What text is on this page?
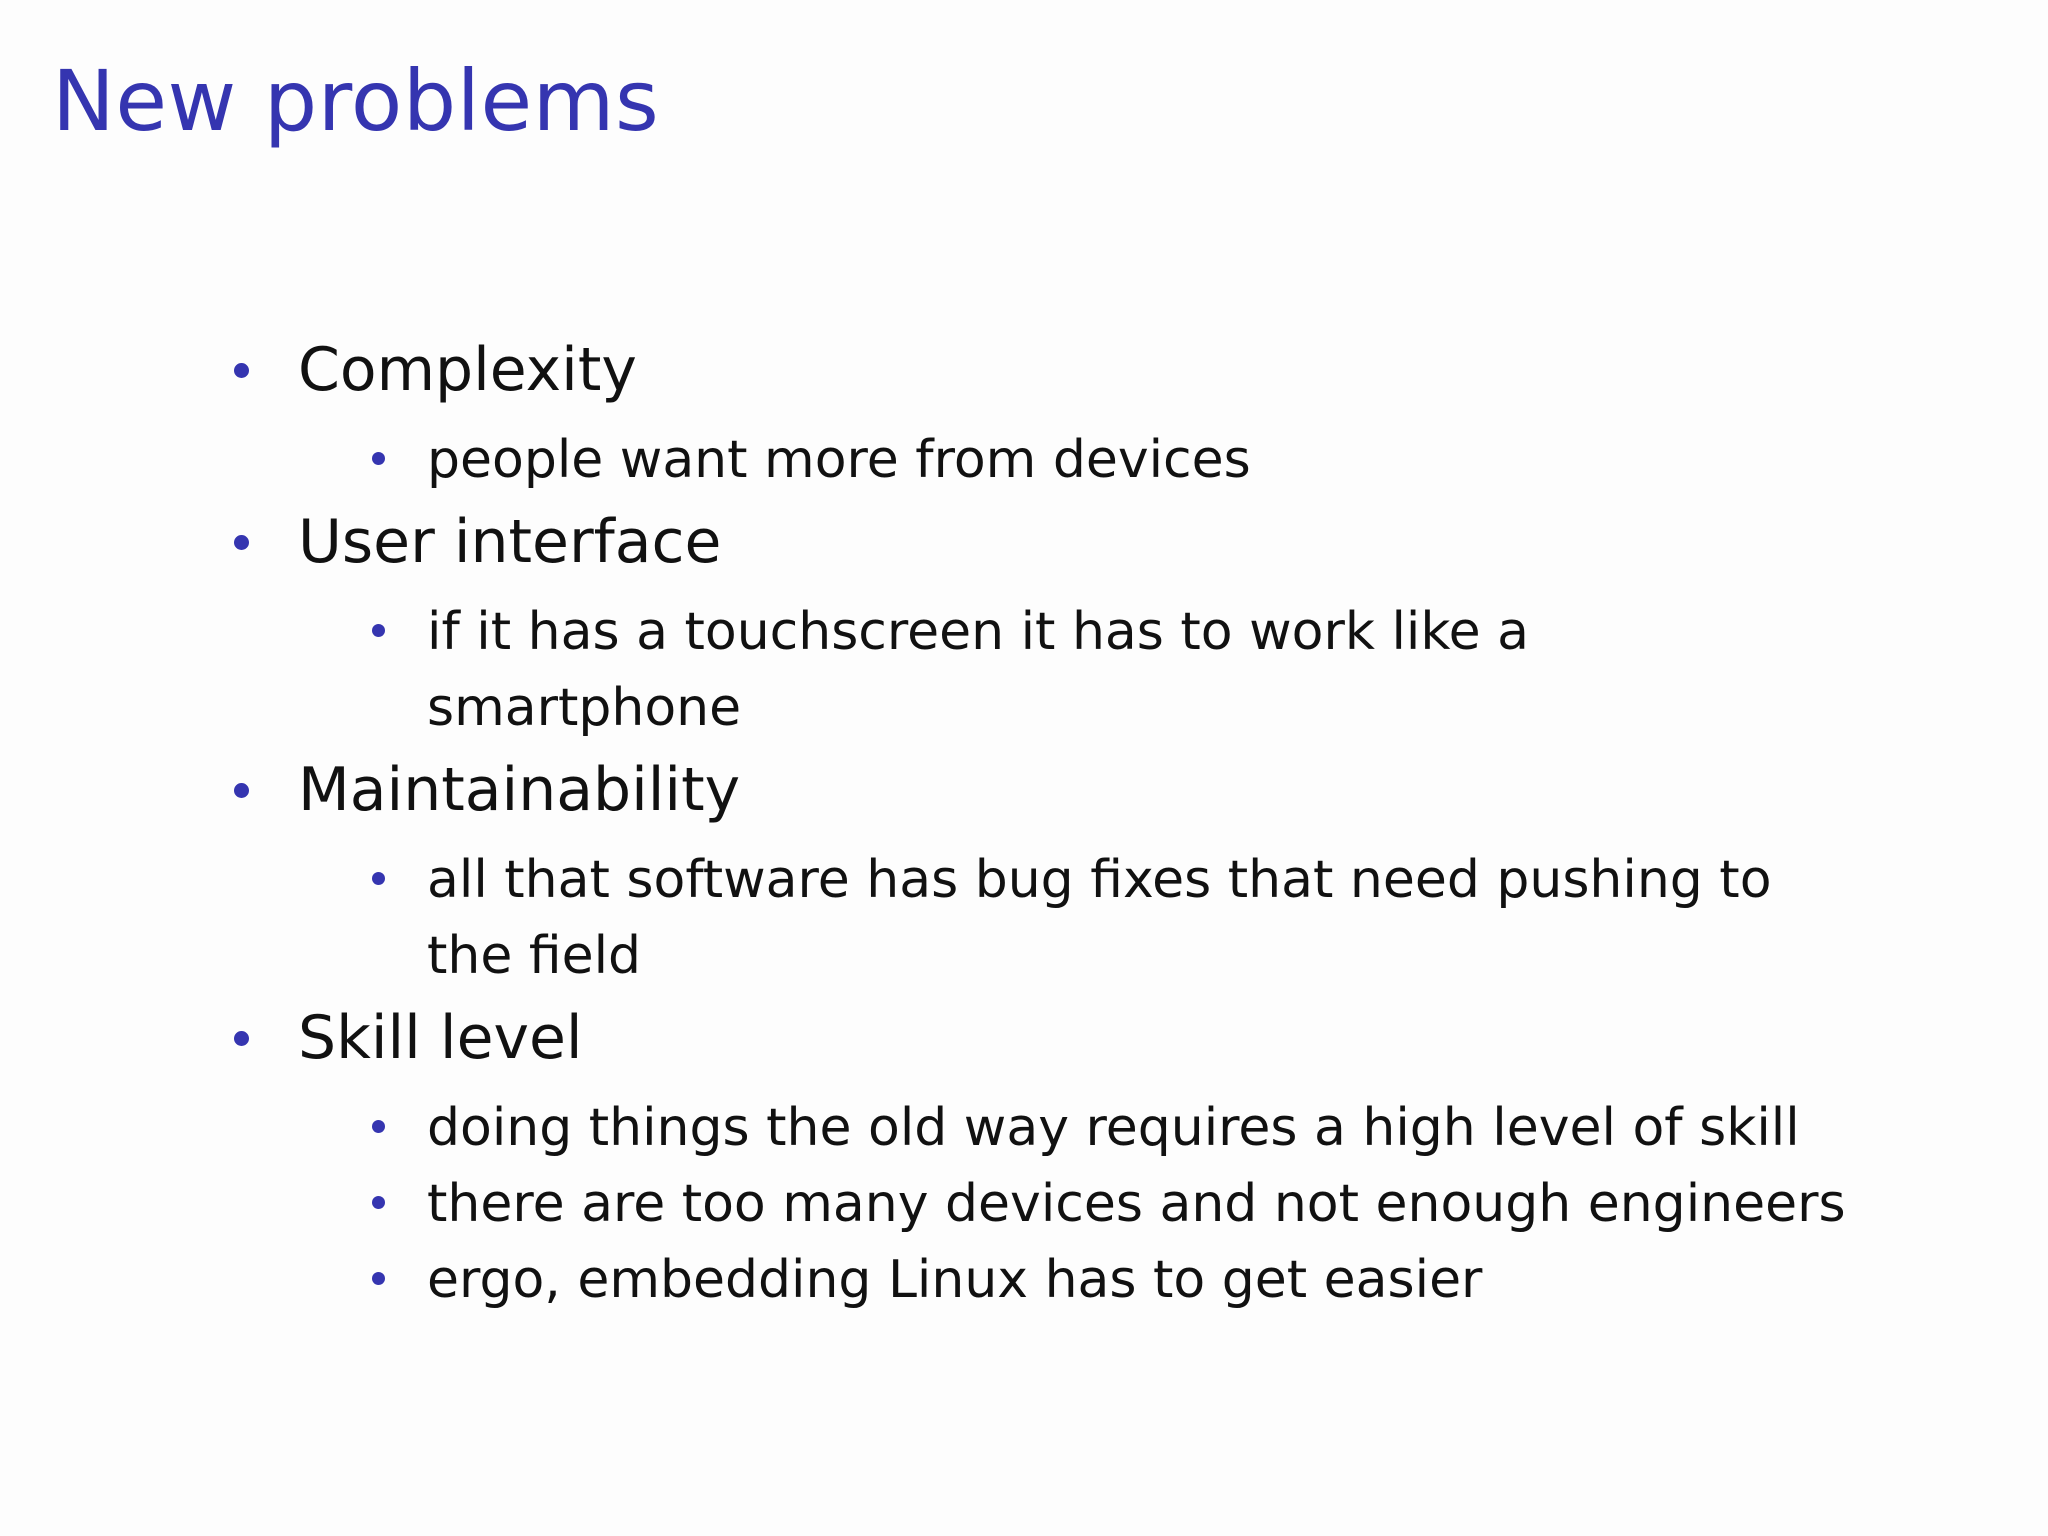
New problems
Complexity
people want more from devices
User interface
if it has a touchscreen it has to work like a smartphone
Maintainability
all that software has bug fixes that need pushing to the field
Skill level
doing things the old way requires a high level of skill
there are too many devices and not enough engineers
ergo, embedding Linux has to get easier
